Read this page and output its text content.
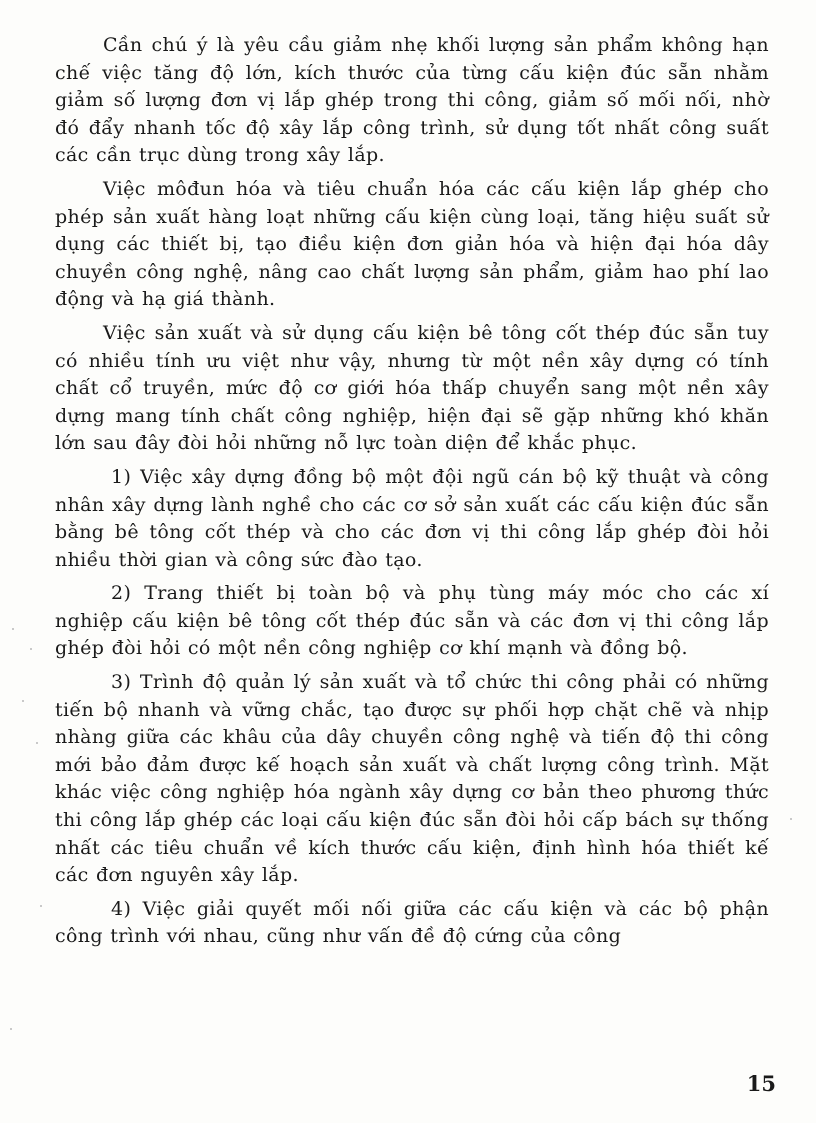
Cần chú ý là yêu cầu giảm nhẹ khối lượng sản phẩm không hạn chế việc tăng độ lớn, kích thước của từng cấu kiện đúc sẵn nhằm giảm số lượng đơn vị lắp ghép trong thi công, giảm số mối nối, nhờ đó đẩy nhanh tốc độ xây lắp công trình, sử dụng tốt nhất công suất các cần trục dùng trong xây lắp.

Việc môđun hóa và tiêu chuẩn hóa các cấu kiện lắp ghép cho phép sản xuất hàng loạt những cấu kiện cùng loại, tăng hiệu suất sử dụng các thiết bị, tạo điều kiện đơn giản hóa và hiện đại hóa dây chuyền công nghệ, nâng cao chất lượng sản phẩm, giảm hao phí lao động và hạ giá thành.

Việc sản xuất và sử dụng cấu kiện bê tông cốt thép đúc sẵn tuy có nhiều tính ưu việt như vậy, nhưng từ một nền xây dựng có tính chất cổ truyền, mức độ cơ giới hóa thấp chuyển sang một nền xây dựng mang tính chất công nghiệp, hiện đại sẽ gặp những khó khăn lớn sau đây đòi hỏi những nỗ lực toàn diện để khắc phục.

1) Việc xây dựng đồng bộ một đội ngũ cán bộ kỹ thuật và công nhân xây dựng lành nghề cho các cơ sở sản xuất các cấu kiện đúc sẵn bằng bê tông cốt thép và cho các đơn vị thi công lắp ghép đòi hỏi nhiều thời gian và công sức đào tạo.

2) Trang thiết bị toàn bộ và phụ tùng máy móc cho các xí nghiệp cấu kiện bê tông cốt thép đúc sẵn và các đơn vị thi công lắp ghép đòi hỏi có một nền công nghiệp cơ khí mạnh và đồng bộ.

3) Trình độ quản lý sản xuất và tổ chức thi công phải có những tiến bộ nhanh và vững chắc, tạo được sự phối hợp chặt chẽ và nhịp nhàng giữa các khâu của dây chuyền công nghệ và tiến độ thi công mới bảo đảm được kế hoạch sản xuất và chất lượng công trình. Mặt khác việc công nghiệp hóa ngành xây dựng cơ bản theo phương thức thi công lắp ghép các loại cấu kiện đúc sẵn đòi hỏi cấp bách sự thống nhất các tiêu chuẩn về kích thước cấu kiện, định hình hóa thiết kế các đơn nguyên xây lắp.

4) Việc giải quyết mối nối giữa các cấu kiện và các bộ phận công trình với nhau, cũng như vấn đề độ cứng của công

15
